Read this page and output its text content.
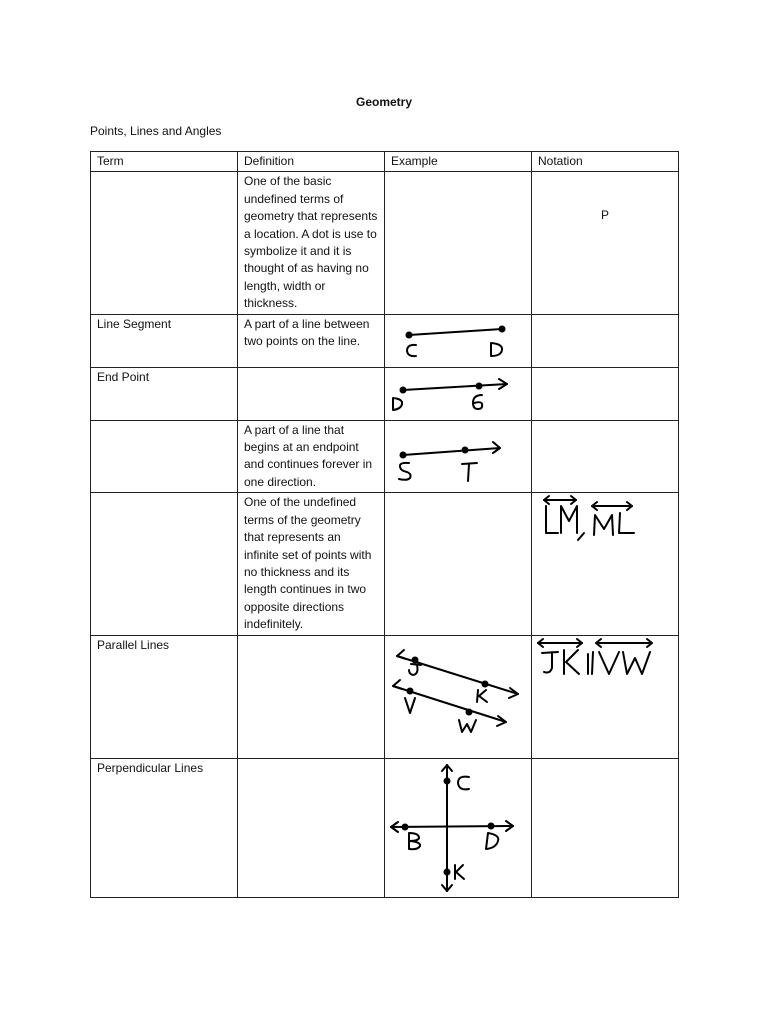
Geometry
Points, Lines and Angles
Term	Definition	Example	Notation
	One of the basic undefined terms of geometry that represents a location. A dot is use to symbolize it and it is thought of as having no length, width or thickness.		P

Line Segment	A part of a line between two points on the line.	

End Point		

	A part of a line that begins at an endpoint and continues forever in one direction.	

	One of the undefined terms of the geometry that represents an infinite set of points with no thickness and its length continues in two opposite directions indefinitely.		

Parallel Lines		

Perpendicular Lines		
